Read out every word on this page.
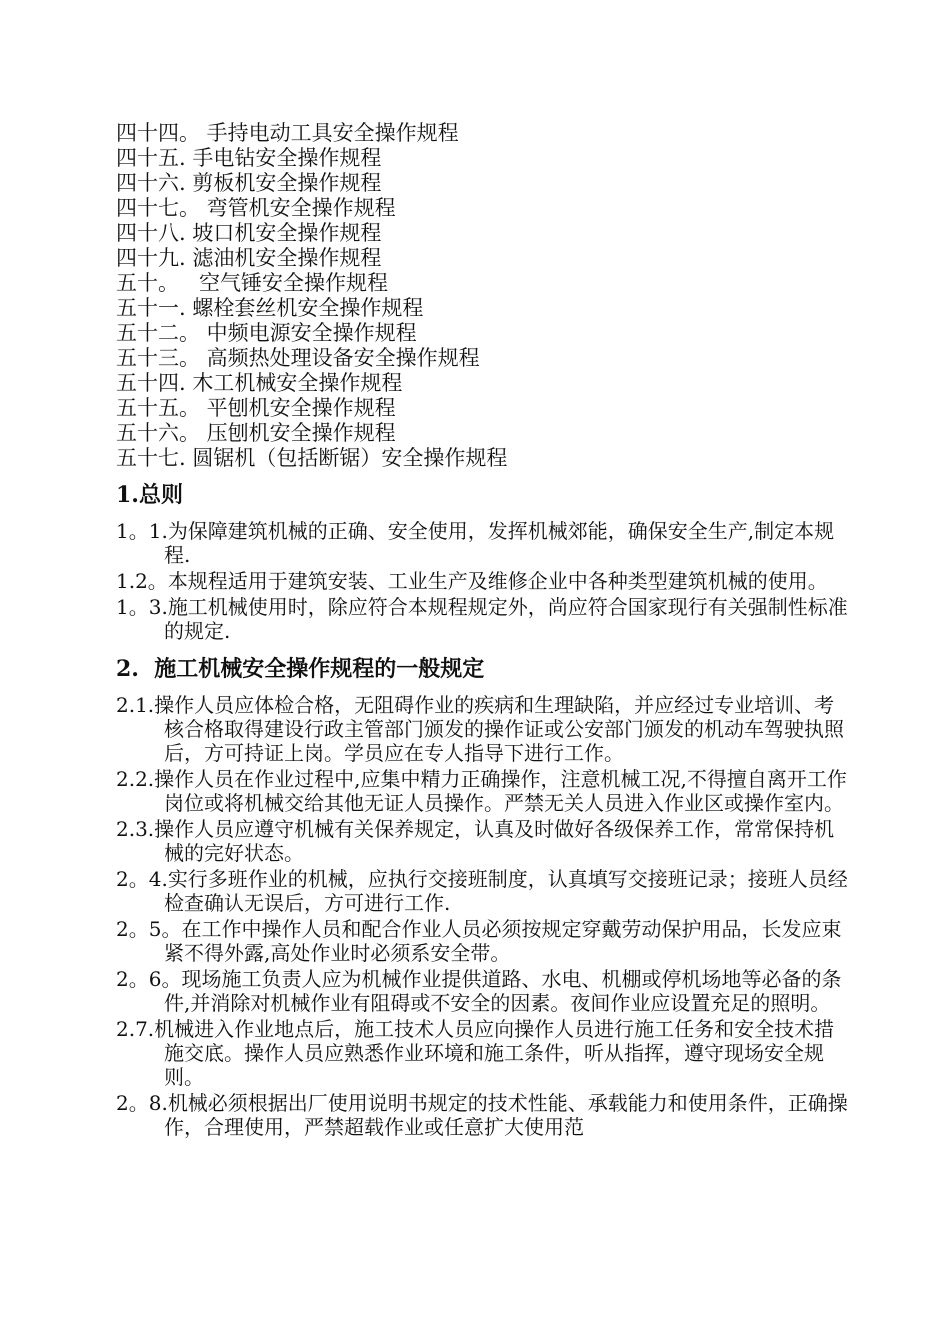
四十四。 手持电动工具安全操作规程
四十五. 手电钻安全操作规程
四十六. 剪板机安全操作规程
四十七。 弯管机安全操作规程
四十八. 坡口机安全操作规程
四十九. 滤油机安全操作规程
五十。   空气锤安全操作规程
五十一. 螺栓套丝机安全操作规程
五十二。 中频电源安全操作规程
五十三。 高频热处理设备安全操作规程
五十四. 木工机械安全操作规程
五十五。 平刨机安全操作规程
五十六。 压刨机安全操作规程
五十七. 圆锯机（包括断锯）安全操作规程
1.总则

1。1.为保障建筑机械的正确、安全使用，发挥机械郊能，确保安全生产,制定本规程.

1.2。本规程适用于建筑安装、工业生产及维修企业中各种类型建筑机械的使用。

1。3.施工机械使用时，除应符合本规程规定外，尚应符合国家现行有关强制性标准的规定.

2.  施工机械安全操作规程的一般规定

2.1.操作人员应体检合格，无阻碍作业的疾病和生理缺陷，并应经过专业培训、考核合格取得建设行政主管部门颁发的操作证或公安部门颁发的机动车驾驶执照后，方可持证上岗。学员应在专人指导下进行工作。

2.2.操作人员在作业过程中,应集中精力正确操作，注意机械工况,不得擅自离开工作岗位或将机械交给其他无证人员操作。严禁无关人员进入作业区或操作室内。

2.3.操作人员应遵守机械有关保养规定，认真及时做好各级保养工作，常常保持机械的完好状态。

2。4.实行多班作业的机械，应执行交接班制度，认真填写交接班记录；接班人员经检查确认无误后，方可进行工作.

2。5。在工作中操作人员和配合作业人员必须按规定穿戴劳动保护用品，长发应束紧不得外露,高处作业时必须系安全带。

2。6。现场施工负责人应为机械作业提供道路、水电、机棚或停机场地等必备的条件,并消除对机械作业有阻碍或不安全的因素。夜间作业应设置充足的照明。

2.7.机械进入作业地点后，施工技术人员应向操作人员进行施工任务和安全技术措施交底。操作人员应熟悉作业环境和施工条件，听从指挥，遵守现场安全规则。

2。8.机械必须根据出厂使用说明书规定的技术性能、承载能力和使用条件，正确操作，合理使用，严禁超载作业或任意扩大使用范
